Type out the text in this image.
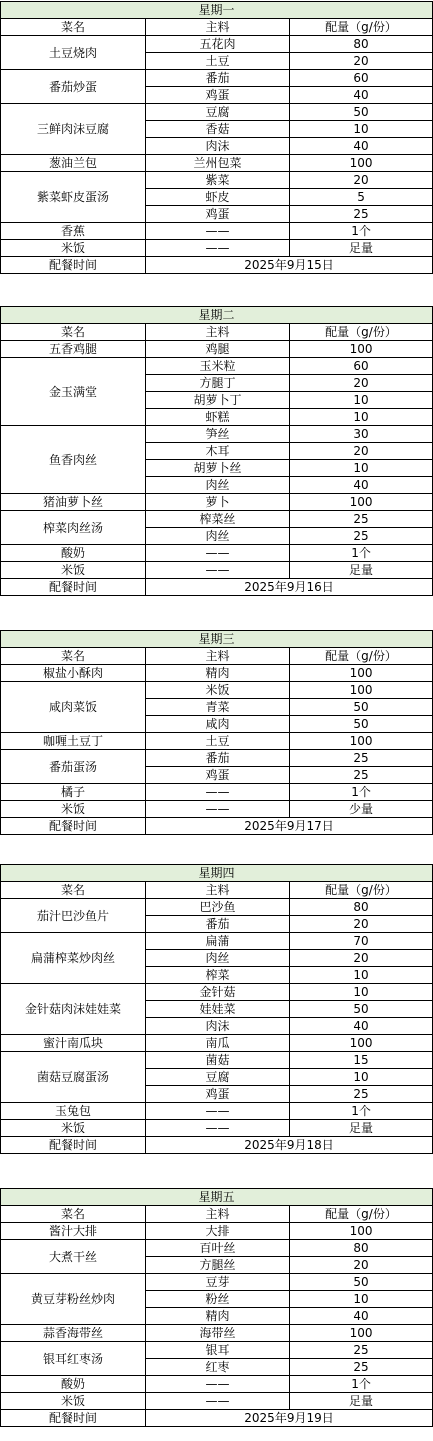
星期一		
菜名	主料	配量（g/份）
土豆烧肉	五花肉	80
	土豆	20
番茄炒蛋	番茄	60
	鸡蛋	40
三鲜肉沫豆腐	豆腐	50
	香菇	10
	肉沫	40
葱油兰包	兰州包菜	100
紫菜虾皮蛋汤	紫菜	20
	虾皮	5
	鸡蛋	25
香蕉	——	1个
米饭	——	足量
配餐时间	2025年9月15日	
星期二		
菜名	主料	配量（g/份）
五香鸡腿	鸡腿	100
金玉满堂	玉米粒	60
	方腿丁	20
	胡萝卜丁	10
	虾糕	10
鱼香肉丝	笋丝	30
	木耳	20
	胡萝卜丝	10
	肉丝	40
猪油萝卜丝	萝卜	100
榨菜肉丝汤	榨菜丝	25
	肉丝	25
酸奶	——	1个
米饭	——	足量
配餐时间	2025年9月16日	
星期三		
菜名	主料	配量（g/份）
椒盐小酥肉	精肉	100
咸肉菜饭	米饭	100
	青菜	50
	咸肉	50
咖喱土豆丁	土豆	100
番茄蛋汤	番茄	25
	鸡蛋	25
橘子	——	1个
米饭	——	少量
配餐时间	2025年9月17日	
星期四		
菜名	主料	配量（g/份）
茄汁巴沙鱼片	巴沙鱼	80
	番茄	20
扁蒲榨菜炒肉丝	扁蒲	70
	肉丝	20
	榨菜	10
金针菇肉沫娃娃菜	金针菇	10
	娃娃菜	50
	肉沫	40
蜜汁南瓜块	南瓜	100
菌菇豆腐蛋汤	菌菇	15
	豆腐	10
	鸡蛋	25
玉兔包	——	1个
米饭	——	足量
配餐时间	2025年9月18日	
星期五		
菜名	主料	配量（g/份）
酱汁大排	大排	100
大煮干丝	百叶丝	80
	方腿丝	20
黄豆芽粉丝炒肉	豆芽	50
	粉丝	10
	精肉	40
蒜香海带丝	海带丝	100
银耳红枣汤	银耳	25
	红枣	25
酸奶	——	1个
米饭	——	足量
配餐时间	2025年9月19日	
